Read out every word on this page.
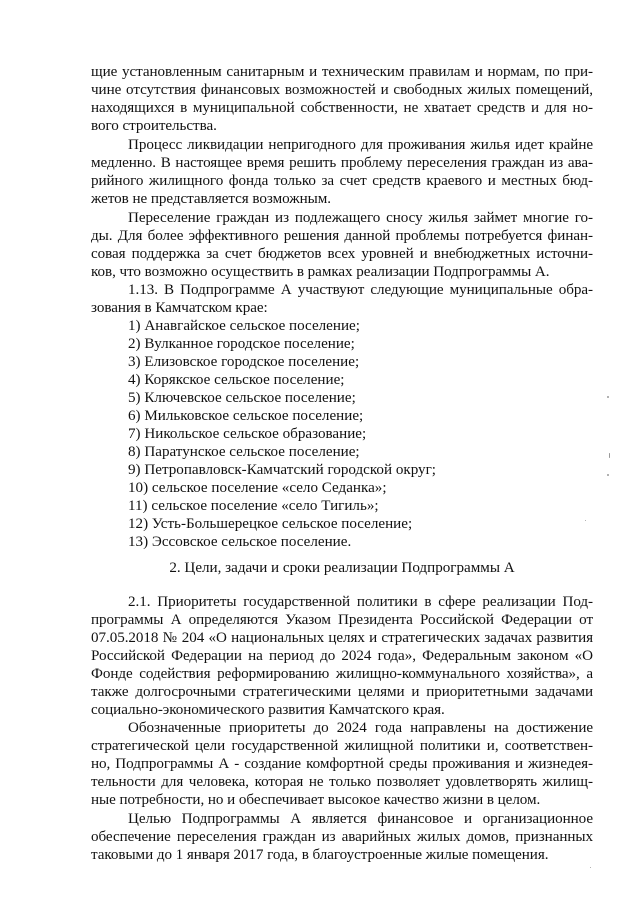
щие установленным санитарным и техническим правилам и нормам, по при-
чине отсутствия финансовых возможностей и свободных жилых помещений,
находящихся в муниципальной собственности, не хватает средств и для но-
вого строительства.
Процесс ликвидации непригодного для проживания жилья идет крайне
медленно. В настоящее время решить проблему переселения граждан из ава-
рийного жилищного фонда только за счет средств краевого и местных бюд-
жетов не представляется возможным.
Переселение граждан из подлежащего сносу жилья займет многие го-
ды. Для более эффективного решения данной проблемы потребуется финан-
совая поддержка за счет бюджетов всех уровней и внебюджетных источни-
ков, что возможно осуществить в рамках реализации Подпрограммы А.
1.13. В Подпрограмме А участвуют следующие муниципальные обра-
зования в Камчатском крае:
1) Анавгайское сельское поселение;
2) Вулканное городское поселение;
3) Елизовское городское поселение;
4) Корякское сельское поселение;
5) Ключевское сельское поселение;
6) Мильковское сельское поселение;
7) Никольское сельское образование;
8) Паратунское сельское поселение;
9) Петропавловск-Камчатский городской округ;
10) сельское поселение «село Седанка»;
11) сельское поселение «село Тигиль»;
12) Усть-Большерецкое сельское поселение;
13) Эссовское сельское поселение.
2. Цели, задачи и сроки реализации Подпрограммы А
2.1. Приоритеты государственной политики в сфере реализации Под-
программы А определяются Указом Президента Российской Федерации от
07.05.2018 № 204 «О национальных целях и стратегических задачах развития
Российской Федерации на период до 2024 года», Федеральным законом «О
Фонде содействия реформированию жилищно-коммунального хозяйства», а
также долгосрочными стратегическими целями и приоритетными задачами
социально-экономического развития Камчатского края.
Обозначенные приоритеты до 2024 года направлены на достижение
стратегической цели государственной жилищной политики и, соответствен-
но, Подпрограммы А - создание комфортной среды проживания и жизнедея-
тельности для человека, которая не только позволяет удовлетворять жилищ-
ные потребности, но и обеспечивает высокое качество жизни в целом.
Целью Подпрограммы А является финансовое и организационное
обеспечение переселения граждан из аварийных жилых домов, признанных
таковыми до 1 января 2017 года, в благоустроенные жилые помещения.
